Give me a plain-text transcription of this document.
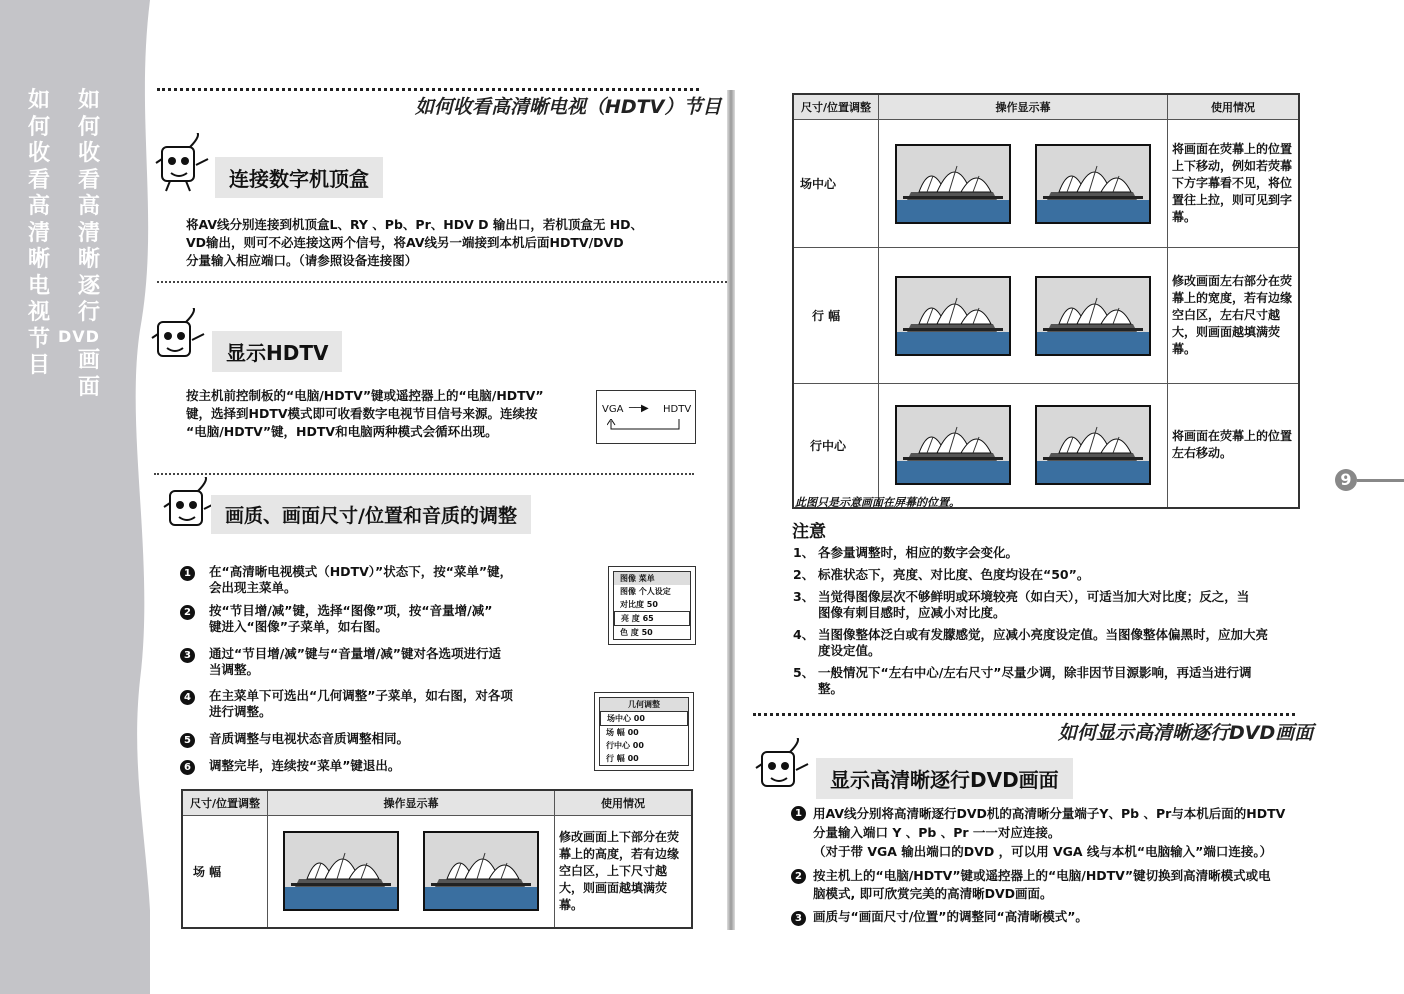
如
何
收
看
高
清
晰
电
视
节
目
如
何
收
看
高
清
晰
逐
行
DVD
画
面
如何收看高清晰电视（HDTV）节目
连接数字机顶盒
将AV线分别连接到机顶盒L、RY 、Pb、Pr、HDV D 输出口，若机顶盒无 HD、
VD输出，则可不必连接这两个信号，将AV线另一端接到本机后面HDTV/DVD
分量输入相应端口。（请参照设备连接图）
显示HDTV
按主机前控制板的“电脑/HDTV”键或遥控器上的“电脑/HDTV”
键，选择到HDTV模式即可收看数字电视节目信号来源。连续按
“电脑/HDTV”键，HDTV和电脑两种模式会循环出现。
VGA ──▶ HDTV
画质、画面尺寸/位置和音质的调整
1	在“高清晰电视模式（HDTV）”状态下，按“菜单”键，
会出现主菜单。
2	按“节目增/减”键，选择“图像”项，按“音量增/减”
键进入“图像”子菜单，如右图。
3	通过“节目增/减”键与“音量增/减”键对各选项进行适
当调整。
4	在主菜单下可选出“几何调整”子菜单，如右图，对各项
进行调整。
5	音质调整与电视状态音质调整相同。
6	调整完毕，连续按“菜单”键退出。
图像 菜单
图像 个人设定
对比度 50
亮 度 65
色 度 50
几何调整
场中心 00
场 幅 00
行中心 00
行 幅 00
尺寸/位置调整	操作显示幕	使用情况
场 幅		修改画面上下部分在荧幕上的高度，若有边缘空白区，上下尺寸越大，则画面越填满荧幕。
尺寸/位置调整	操作显示幕	使用情况
场中心		将画面在荧幕上的位置上下移动，例如若荧幕下方字幕看不见，将位置往上拉，则可见到字幕。
行 幅		修改画面左右部分在荧幕上的宽度，若有边缘空白区，左右尺寸越大，则画面越填满荧幕。
行中心		将画面在荧幕上的位置左右移动。
此图只是示意画面在屏幕的位置。
注意
1、 各参量调整时，相应的数字会变化。
2、 标准状态下，亮度、对比度、色度均设在“50”。
3、 当觉得图像层次不够鲜明或环境较亮（如白天），可适当加大对比度；反之，当
图像有刺目感时，应减小对比度。
4、 当图像整体泛白或有发朦感觉，应减小亮度设定值。当图像整体偏黑时，应加大亮
度设定值。
5、 一般情况下“左右中心/左右尺寸”尽量少调，除非因节目源影响，再适当进行调
整。
如何显示高清晰逐行DVD画面
显示高清晰逐行DVD画面
1 用AV线分别将高清晰逐行DVD机的高清晰分量端子Y、Pb 、Pr与本机后面的HDTV
分量输入端口 Y 、Pb 、Pr 一一对应连接。
（对于带 VGA 输出端口的DVD ，可以用 VGA 线与本机“电脑输入”端口连接。）
2 按主机上的“电脑/HDTV”键或遥控器上的“电脑/HDTV”键切换到高清晰模式或电
脑模式, 即可欣赏完美的高清晰DVD画面。
3 画质与“画面尺寸/位置”的调整同“高清晰模式”。
9
